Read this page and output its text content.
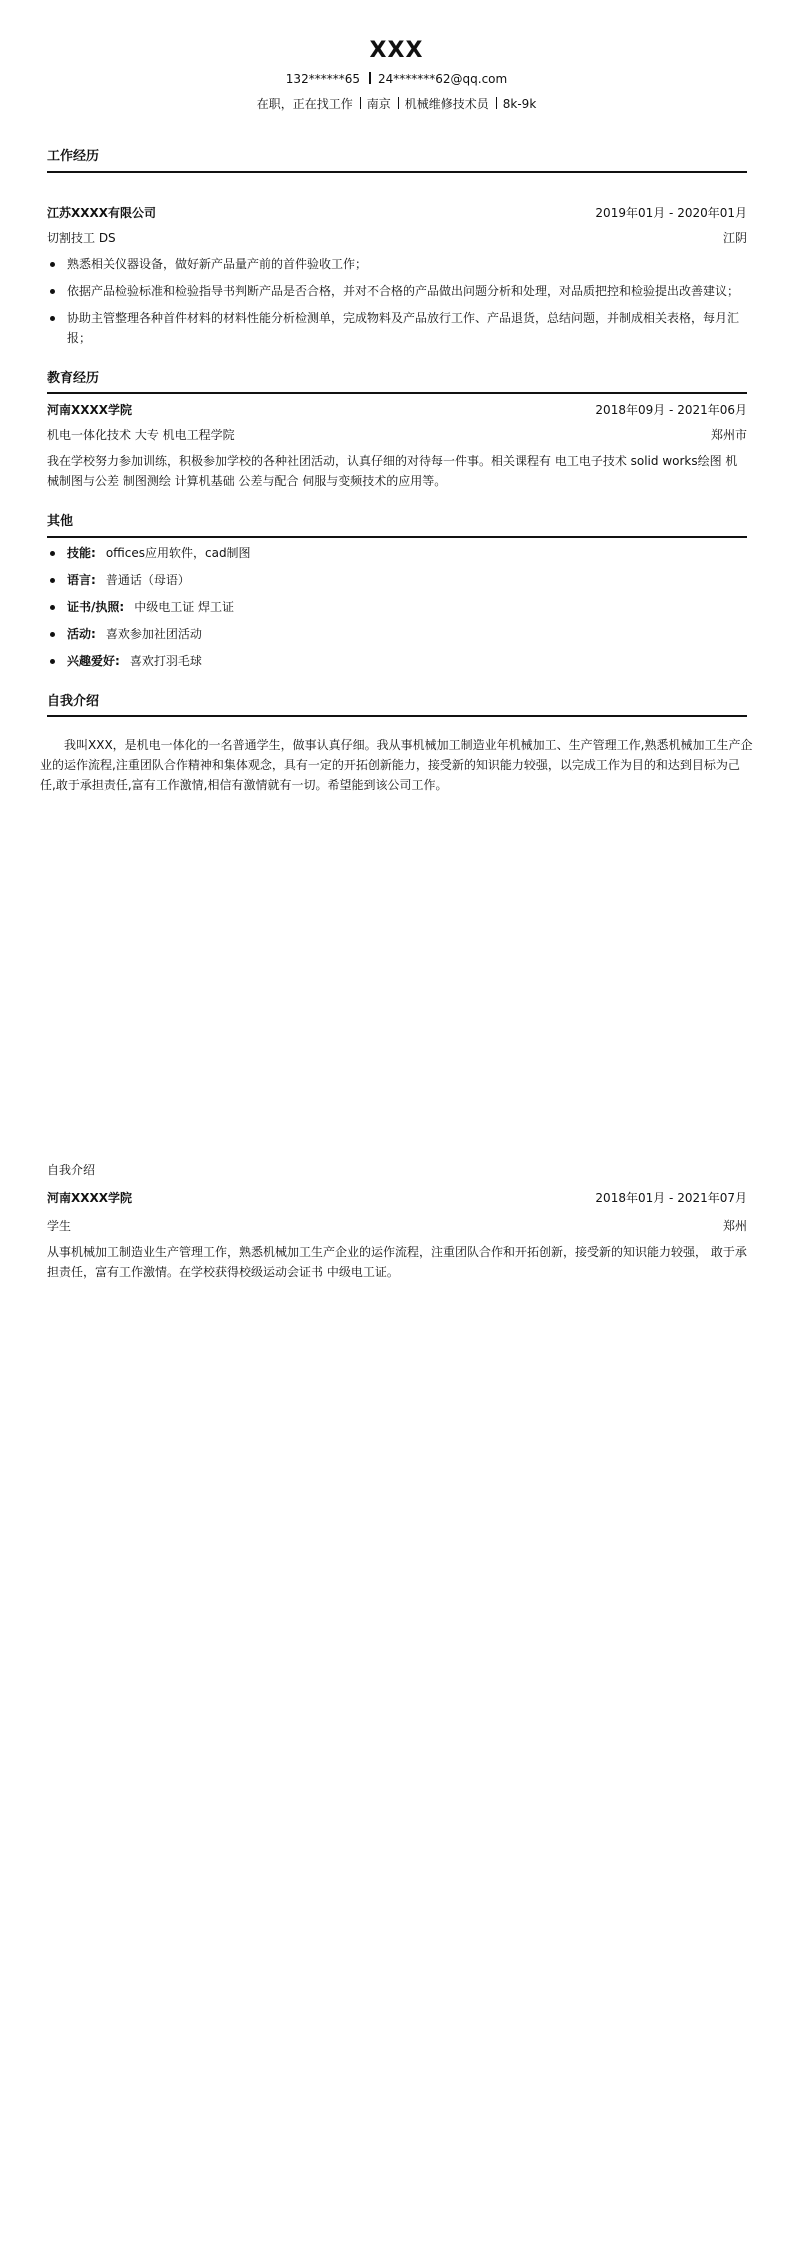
XXX
132******65 24*******62@qq.com
在职，正在找工作 南京 机械维修技术员 8k-9k
工作经历
江苏XXXX有限公司	2019年01月 - 2020年01月
切割技工 DS	江阴
熟悉相关仪器设备，做好新产品量产前的首件验收工作；
依据产品检验标准和检验指导书判断产品是否合格，并对不合格的产品做出问题分析和处理，对品质把控和检验提出改善建议；
协助主管整理各种首件材料的材料性能分析检测单，完成物料及产品放行工作、产品退货，总结问题，并制成相关表格，每月汇报；
教育经历
河南XXXX学院	2018年09月 - 2021年06月
机电一体化技术 大专 机电工程学院	郑州市
我在学校努力参加训练，积极参加学校的各种社团活动，认真仔细的对待每一件事。相关课程有 电工电子技术 solid works绘图 机械制图与公差 制图测绘 计算机基础 公差与配合 伺服与变频技术的应用等。
其他
技能: offices应用软件，cad制图
语言: 普通话（母语）
证书/执照: 中级电工证 焊工证
活动: 喜欢参加社团活动
兴趣爱好: 喜欢打羽毛球
自我介绍
我叫XXX，是机电一体化的一名普通学生，做事认真仔细。我从事机械加工制造业年机械加工、生产管理工作,熟悉机械加工生产企业的运作流程,注重团队合作精神和集体观念，具有一定的开拓创新能力，接受新的知识能力较强，以完成工作为目的和达到目标为己任,敢于承担责任,富有工作激情,相信有激情就有一切。希望能到该公司工作。
自我介绍
河南XXXX学院	2018年01月 - 2021年07月
学生	郑州
从事机械加工制造业生产管理工作，熟悉机械加工生产企业的运作流程，注重团队合作和开拓创新，接受新的知识能力较强， 敢于承担责任，富有工作激情。在学校获得校级运动会证书 中级电工证。
